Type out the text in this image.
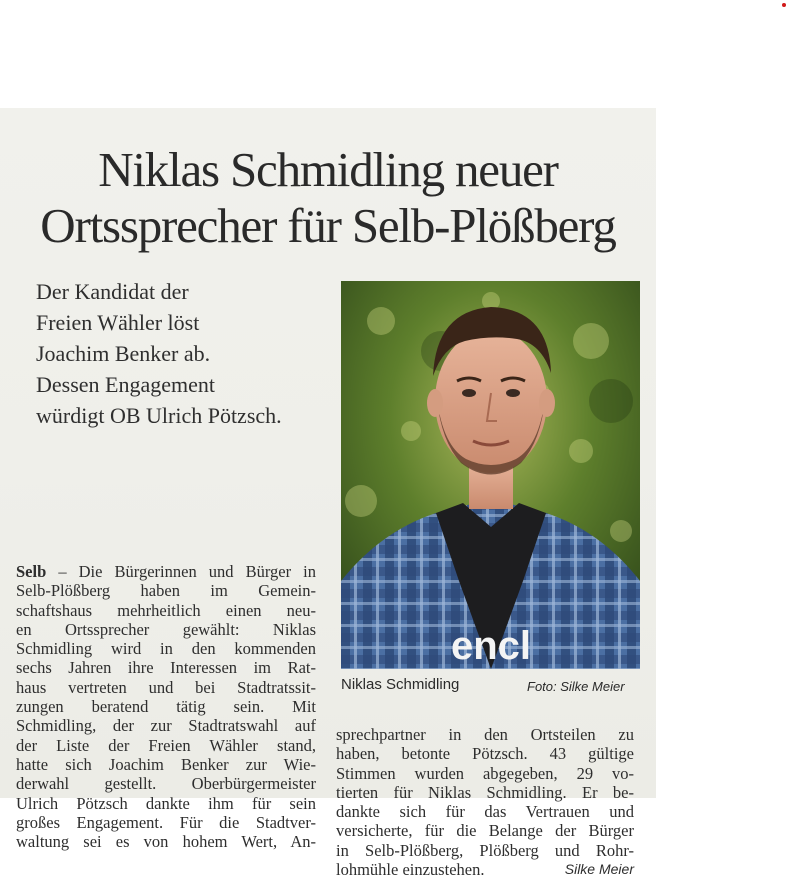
Niklas Schmidling neuer
Ortssprecher für Selb-Plößberg
Der Kandidat der
Freien Wähler löst
Joachim Benker ab.
Dessen Engagement
würdigt OB Ulrich Pötzsch.
encl
Niklas Schmidling	Foto: Silke Meier
Selb – Die Bürgerinnen und Bürger in
Selb-Plößberg haben im Gemein-
schaftshaus mehrheitlich einen neu-
en Ortssprecher gewählt: Niklas
Schmidling wird in den kommenden
sechs Jahren ihre Interessen im Rat-
haus vertreten und bei Stadtratssit-
zungen beratend tätig sein. Mit
Schmidling, der zur Stadtratswahl auf
der Liste der Freien Wähler stand,
hatte sich Joachim Benker zur Wie-
derwahl gestellt. Oberbürgermeister
Ulrich Pötzsch dankte ihm für sein
großes Engagement. Für die Stadtver-
waltung sei es von hohem Wert, An-
sprechpartner in den Ortsteilen zu
haben, betonte Pötzsch. 43 gültige
Stimmen wurden abgegeben, 29 vo-
tierten für Niklas Schmidling. Er be-
dankte sich für das Vertrauen und
versicherte, für die Belange der Bürger
in Selb-Plößberg, Plößberg und Rohr-
lohmühle einzustehen.	Silke Meier
